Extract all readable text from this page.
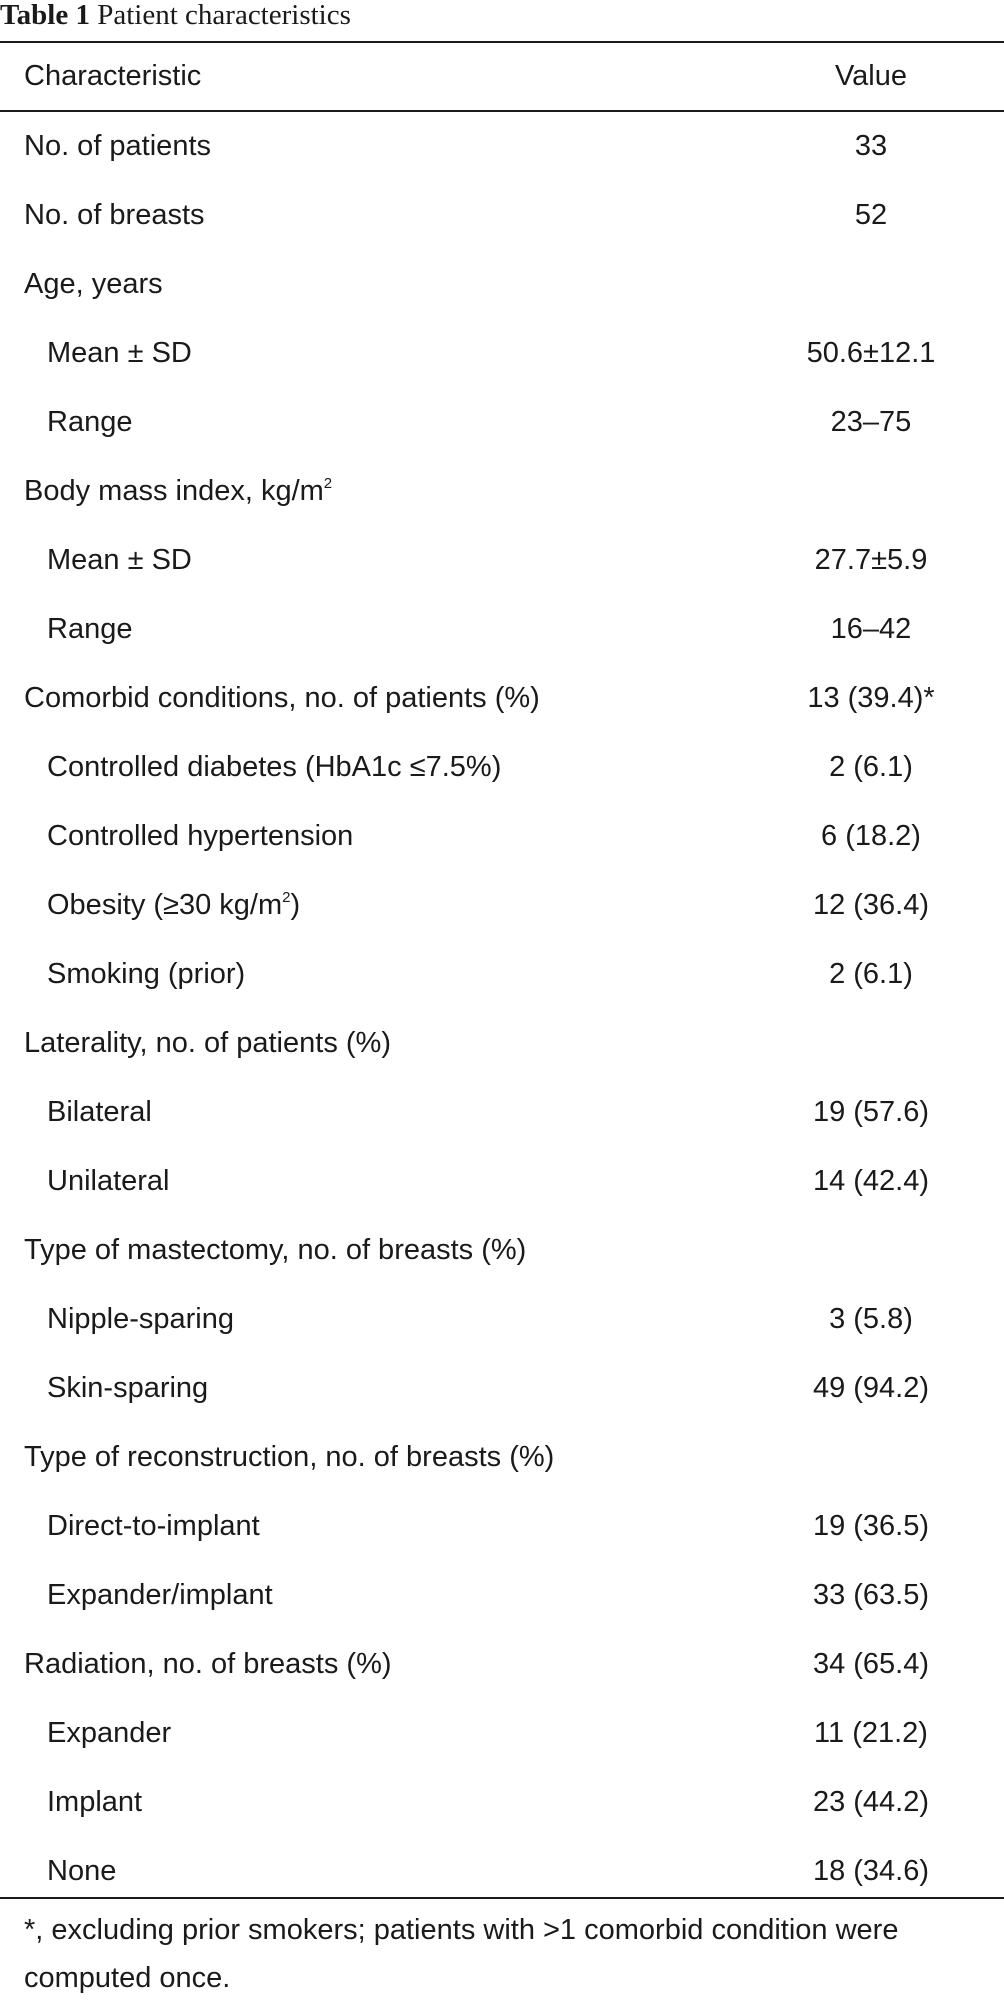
Table 1 Patient characteristics
Characteristic	Value
No. of patients	33
No. of breasts	52
Age, years
Mean ± SD	50.6±12.1
Range	23–75
Body mass index, $kg/m^2$
Mean ± SD	27.7±5.9
Range	16–42
Comorbid conditions, no. of patients (%)	13 (39.4)*
Controlled diabetes (HbA1c ≤7.5%)	2 (6.1)
Controlled hypertension	6 (18.2)
Obesity (≥30 $kg/m^2$)	12 (36.4)
Smoking (prior)	2 (6.1)
Laterality, no. of patients (%)
Bilateral	19 (57.6)
Unilateral	14 (42.4)
Type of mastectomy, no. of breasts (%)
Nipple-sparing	3 (5.8)
Skin-sparing	49 (94.2)
Type of reconstruction, no. of breasts (%)
Direct-to-implant	19 (36.5)
Expander/implant	33 (63.5)
Radiation, no. of breasts (%)	34 (65.4)
Expander	11 (21.2)
Implant	23 (44.2)
None	18 (34.6)
*, excluding prior smokers; patients with >1 comorbid condition were computed once.
